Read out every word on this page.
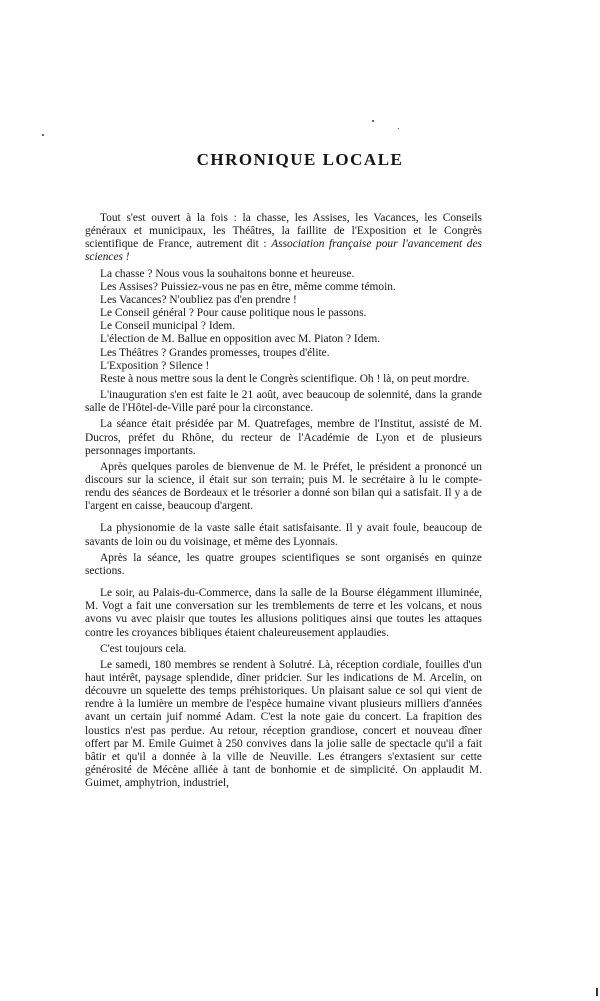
CHRONIQUE LOCALE

Tout s'est ouvert à la fois : la chasse, les Assises, les Vacances, les Conseils généraux et municipaux, les Théâtres, la faillite de l'Exposition et le Congrès scientifique de France, autrement dit : Association française pour l'avancement des sciences !

La chasse ? Nous vous la souhaitons bonne et heureuse.

Les Assises? Puissiez-vous ne pas en être, même comme témoin.

Les Vacances? N'oubliez pas d'en prendre !

Le Conseil général ? Pour cause politique nous le passons.

Le Conseil municipal ? Idem.

L'élection de M. Ballue en opposition avec M. Piaton ? Idem.

Les Théâtres ? Grandes promesses, troupes d'élite.

L'Exposition ? Silence !

Reste à nous mettre sous la dent le Congrès scientifique. Oh ! là, on peut mordre.

L'inauguration s'en est faite le 21 août, avec beaucoup de solennité, dans la grande salle de l'Hôtel-de-Ville paré pour la circonstance.

La séance était présidée par M. Quatrefages, membre de l'Institut, assisté de M. Ducros, préfet du Rhône, du recteur de l'Académie de Lyon et de plusieurs personnages importants.

Après quelques paroles de bienvenue de M. le Préfet, le président a prononcé un discours sur la science, il était sur son terrain; puis M. le secrétaire à lu le compte-rendu des séances de Bordeaux et le trésorier a donné son bilan qui a satisfait. Il y a de l'argent en caisse, beaucoup d'argent.

La physionomie de la vaste salle était satisfaisante. Il y avait foule, beaucoup de savants de loin ou du voisinage, et même des Lyonnais.

Après la séance, les quatre groupes scientifiques se sont organisés en quinze sections.

Le soir, au Palais-du-Commerce, dans la salle de la Bourse élégamment illuminée, M. Vogt a fait une conversation sur les tremblements de terre et les volcans, et nous avons vu avec plaisir que toutes les allusions politiques ainsi que toutes les attaques contre les croyances bibliques étaient chaleureusement applaudies.

C'est toujours cela.

Le samedi, 180 membres se rendent à Solutré. Là, réception cordiale, fouilles d'un haut intérêt, paysage splendide, dîner pridcier. Sur les indications de M. Arcelin, on découvre un squelette des temps préhistoriques. Un plaisant salue ce sol qui vient de rendre à la lumière un membre de l'espèce humaine vivant plusieurs milliers d'années avant un certain juif nommé Adam. C'est la note gaie du concert. La frapition des loustics n'est pas perdue. Au retour, réception grandiose, concert et nouveau dîner offert par M. Emile Guimet à 250 convives dans la jolie salle de spectacle qu'il a fait bâtir et qu'il a donnée à la ville de Neuville. Les étrangers s'extasient sur cette générosité de Mécène alliée à tant de bonhomie et de simplicité. On applaudit M. Guimet, amphytrion, industriel,
